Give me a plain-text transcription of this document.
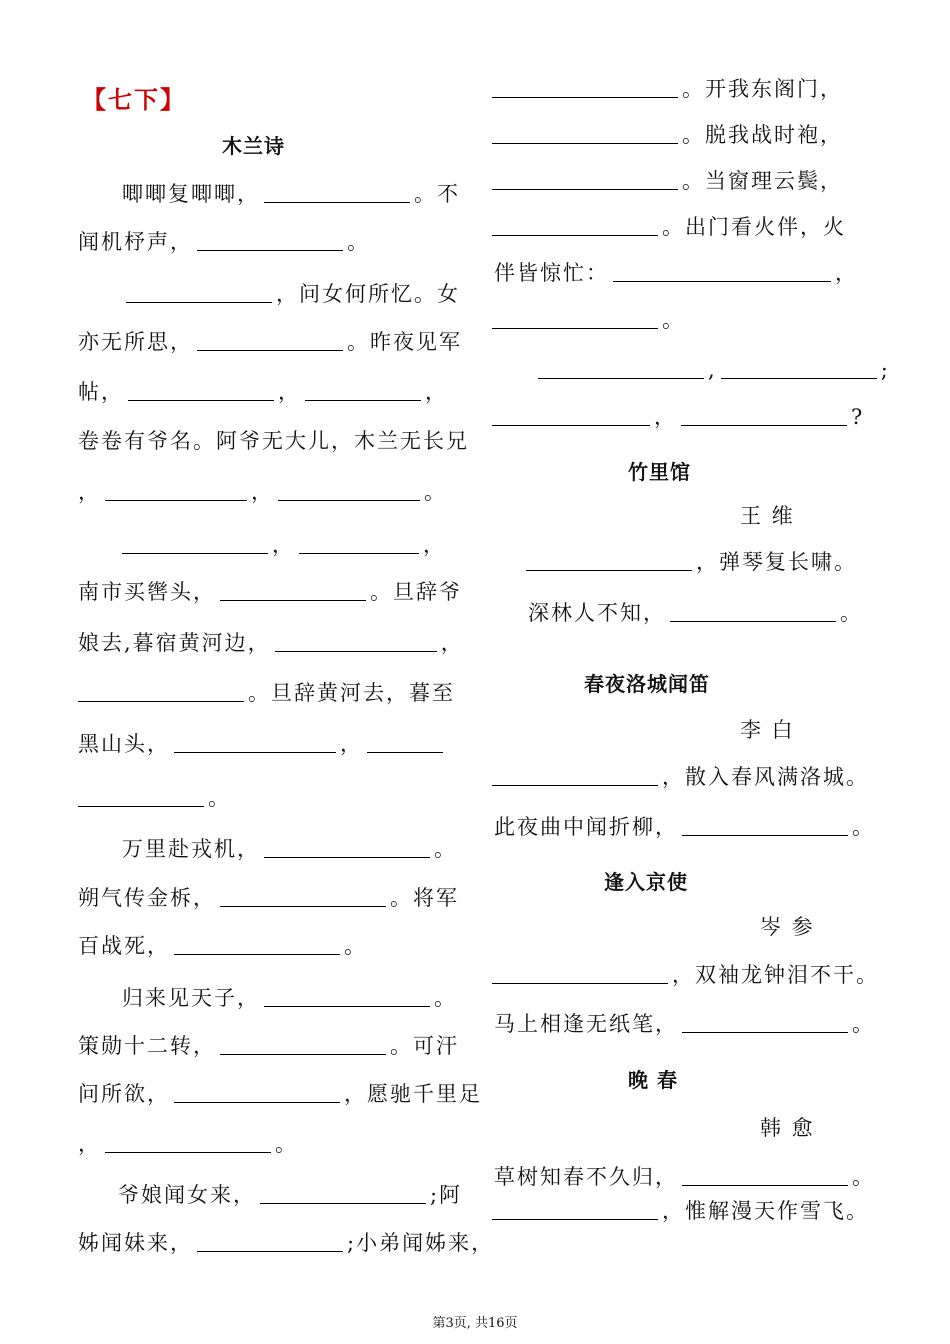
【七下】
木兰诗
唧唧复唧唧，	。不
闻机杼声，	。
，问女何所忆。女
亦无所思，	。昨夜见军
帖，	，	，
卷卷有爷名。阿爷无大儿，木兰无长兄
，	，	。
，	，
南市买辔头，	。旦辞爷
娘去,暮宿黄河边，	，
。旦辞黄河去，暮至
黑山头，	，
。
万里赴戎机，	。
朔气传金柝，	。将军
百战死，	。
归来见天子，	。
策勋十二转，	。可汗
问所欲，	，愿驰千里足
，	。
爷娘闻女来，	;阿
姊闻妹来，	;小弟闻姊来，
。开我东阁门，
。脱我战时袍，
。当窗理云鬓，
。出门看火伴，火
伴皆惊忙：	，
。
,	;
，	?
竹里馆
王 维
，弹琴复长啸。
深林人不知，	。
春夜洛城闻笛
李 白
，散入春风满洛城。
此夜曲中闻折柳，	。
逢入京使
岑 参
，双袖龙钟泪不干。
马上相逢无纸笔，	。
晚 春
韩 愈
草树知春不久归，	。
，惟解漫天作雪飞。
第3页, 共16页
